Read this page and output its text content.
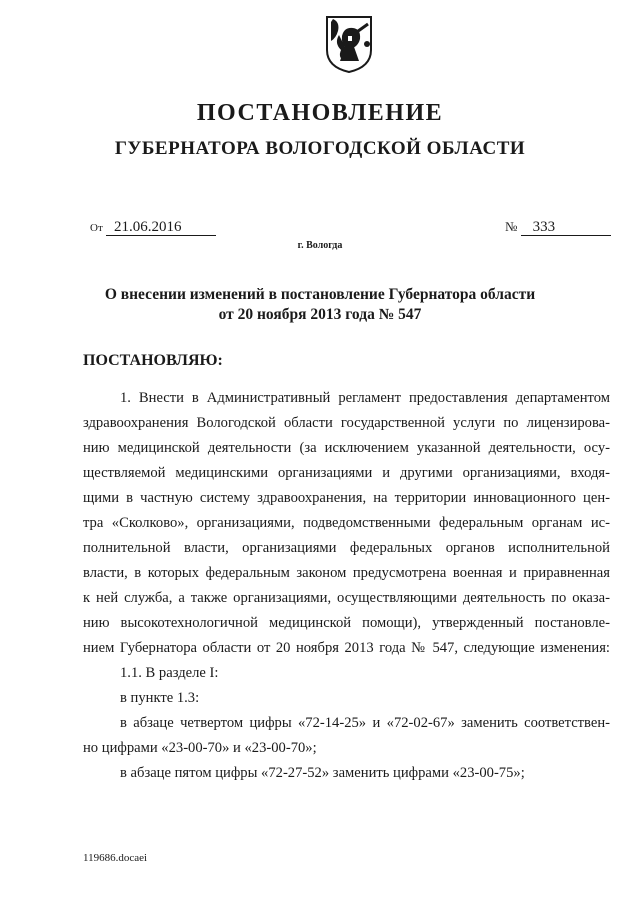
ПОСТАНОВЛЕНИЕ
ГУБЕРНАТОРА ВОЛОГОДСКОЙ ОБЛАСТИ
От 21.06.2016	№ 333
г. Вологда
О внесении изменений в постановление Губернатора области
от 20 ноября 2013 года № 547
ПОСТАНОВЛЯЮ:
1. Внести в Административный регламент предоставления департаментом
здравоохранения Вологодской области государственной услуги по лицензирова-
нию медицинской деятельности (за исключением указанной деятельности, осу-
ществляемой медицинскими организациями и другими организациями, входя-
щими в частную систему здравоохранения, на территории инновационного цен-
тра «Сколково», организациями, подведомственными федеральным органам ис-
полнительной власти, организациями федеральных органов исполнительной
власти, в которых федеральным законом предусмотрена военная и приравненная
к ней служба, а также организациями, осуществляющими деятельность по оказа-
нию высокотехнологичной медицинской помощи), утвержденный постановле-
нием Губернатора области от 20 ноября 2013 года № 547, следующие изменения:
1.1. В разделе I:
в пункте 1.3:
в абзаце четвертом цифры «72-14-25» и «72-02-67» заменить соответствен-
но цифрами «23-00-70» и «23-00-70»;
в абзаце пятом цифры «72-27-52» заменить цифрами «23-00-75»;
119686.docaei
